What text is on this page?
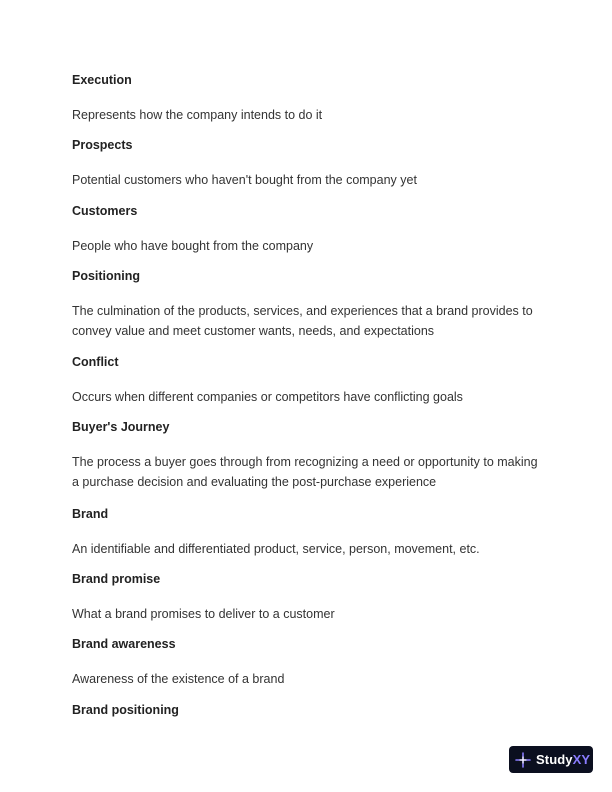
Execution
Represents how the company intends to do it
Prospects
Potential customers who haven't bought from the company yet
Customers
People who have bought from the company
Positioning
The culmination of the products, services, and experiences that a brand provides to convey value and meet customer wants, needs, and expectations
Conflict
Occurs when different companies or competitors have conflicting goals
Buyer's Journey
The process a buyer goes through from recognizing a need or opportunity to making a purchase decision and evaluating the post-purchase experience
Brand
An identifiable and differentiated product, service, person, movement, etc.
Brand promise
What a brand promises to deliver to a customer
Brand awareness
Awareness of the existence of a brand
Brand positioning
StudyXY
